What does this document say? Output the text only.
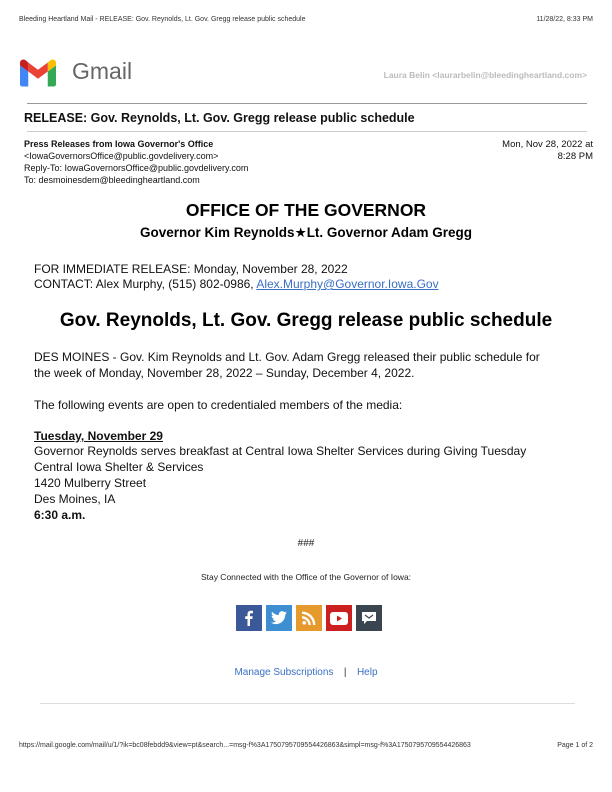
Bleeding Heartland Mail - RELEASE: Gov. Reynolds, Lt. Gov. Gregg release public schedule	11/28/22, 8:33 PM
Gmail	Laura Belin <laurarbelin@bleedingheartland.com>
RELEASE: Gov. Reynolds, Lt. Gov. Gregg release public schedule
Press Releases from Iowa Governor's Office
<IowaGovernorsOffice@public.govdelivery.com>
Reply-To: IowaGovernorsOffice@public.govdelivery.com
To: desmoinesdem@bleedingheartland.com
Mon, Nov 28, 2022 at 8:28 PM
OFFICE OF THE GOVERNOR
Governor Kim Reynolds★Lt. Governor Adam Gregg
FOR IMMEDIATE RELEASE: Monday, November 28, 2022
CONTACT: Alex Murphy, (515) 802-0986, Alex.Murphy@Governor.Iowa.Gov
Gov. Reynolds, Lt. Gov. Gregg release public schedule
DES MOINES - Gov. Kim Reynolds and Lt. Gov. Adam Gregg released their public schedule for
the week of Monday, November 28, 2022 – Sunday, December 4, 2022.
The following events are open to credentialed members of the media:
Tuesday, November 29
Governor Reynolds serves breakfast at Central Iowa Shelter Services during Giving Tuesday
Central Iowa Shelter & Services
1420 Mulberry Street
Des Moines, IA
6:30 a.m.
###
Stay Connected with the Office of the Governor of Iowa:
Manage Subscriptions | Help
https://mail.google.com/mail/u/1/?ik=bc08febdd9&view=pt&search...=msg-f%3A1750795709554426863&simpl=msg-f%3A1750795709554426863	Page 1 of 2
